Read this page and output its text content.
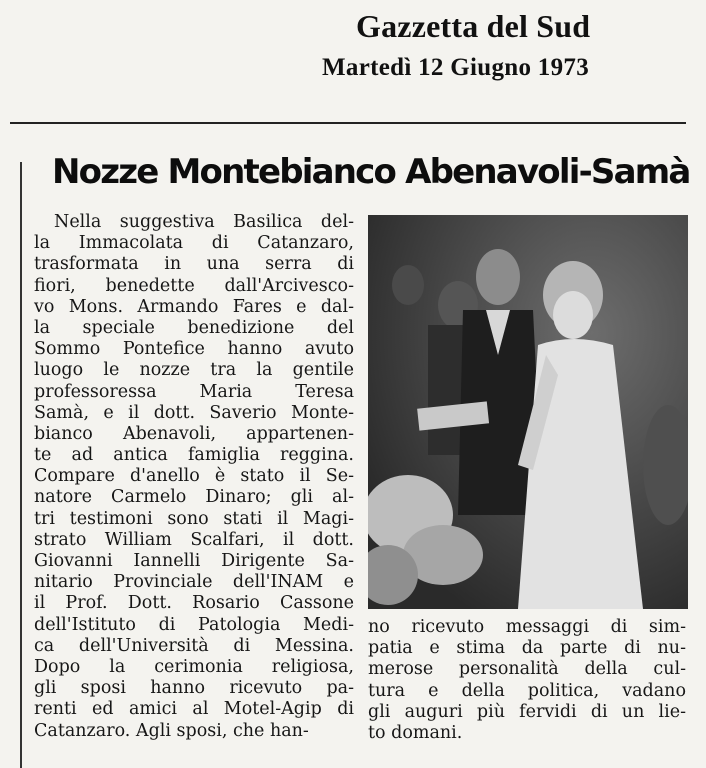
Gazzetta del Sud
Martedì 12 Giugno 1973
Nozze Montebianco Abenavoli-Samà
Nella suggestiva Basilica del-
la Immacolata di Catanzaro,
trasformata in una serra di
fiori, benedette dall'Arcivesco-
vo Mons. Armando Fares e dal-
la speciale benedizione del
Sommo Pontefice hanno avuto
luogo le nozze tra la gentile
professoressa Maria Teresa
Samà, e il dott. Saverio Monte-
bianco Abenavoli, appartenen-
te ad antica famiglia reggina.
Compare d'anello è stato il Se-
natore Carmelo Dinaro; gli al-
tri testimoni sono stati il Magi-
strato William Scalfari, il dott.
Giovanni Iannelli Dirigente Sa-
nitario Provinciale dell'INAM e
il Prof. Dott. Rosario Cassone
dell'Istituto di Patologia Medi-
ca dell'Università di Messina.
Dopo la cerimonia religiosa,
gli sposi hanno ricevuto pa-
renti ed amici al Motel-Agip di
Catanzaro. Agli sposi, che han-
no ricevuto messaggi di sim-
patia e stima da parte di nu-
merose personalità della cul-
tura e della politica, vadano
gli auguri più fervidi di un lie-
to domani.
